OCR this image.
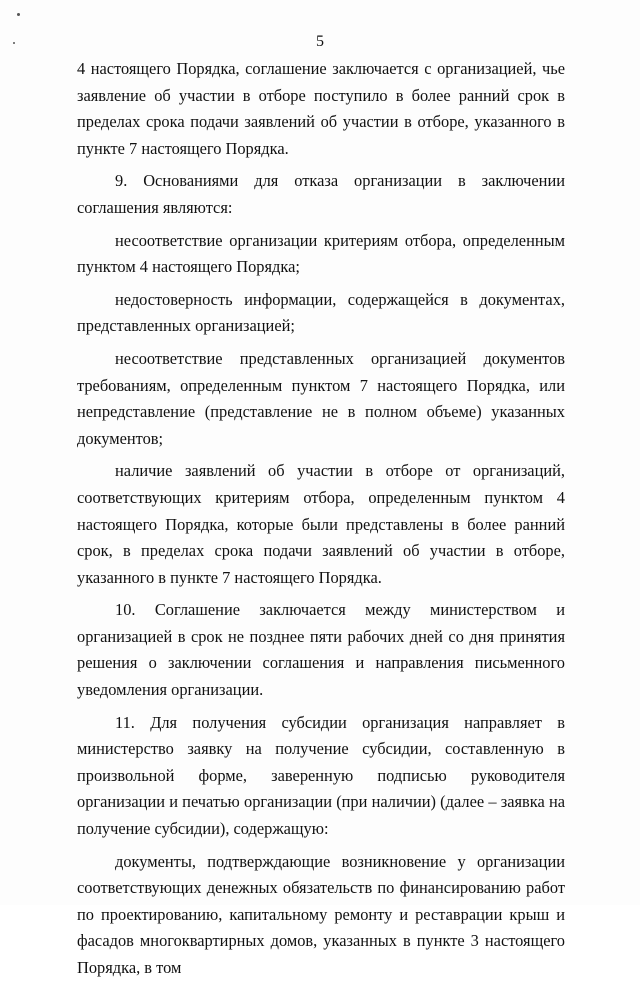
5

4 настоящего Порядка, соглашение заключается с организацией, чье заявление об участии в отборе поступило в более ранний срок в пределах срока подачи заявлений об участии в отборе, указанного в пункте 7 настоящего Порядка.

9. Основаниями для отказа организации в заключении соглашения являются:

несоответствие организации критериям отбора, определенным пунктом 4 настоящего Порядка;

недостоверность информации, содержащейся в документах, представленных организацией;

несоответствие представленных организацией документов требованиям, определенным пунктом 7 настоящего Порядка, или непредставление (представление не в полном объеме) указанных документов;

наличие заявлений об участии в отборе от организаций, соответствующих критериям отбора, определенным пунктом 4 настоящего Порядка, которые были представлены в более ранний срок, в пределах срока подачи заявлений об участии в отборе, указанного в пункте 7 настоящего Порядка.

10. Соглашение заключается между министерством и организацией в срок не позднее пяти рабочих дней со дня принятия решения о заключении соглашения и направления письменного уведомления организации.

11. Для получения субсидии организация направляет в министерство заявку на получение субсидии, составленную в произвольной форме, заверенную подписью руководителя организации и печатью организации (при наличии) (далее – заявка на получение субсидии), содержащую:

документы, подтверждающие возникновение у организации соответствующих денежных обязательств по финансированию работ по проектированию, капитальному ремонту и реставрации крыш и фасадов многоквартирных домов, указанных в пункте 3 настоящего Порядка, в том
